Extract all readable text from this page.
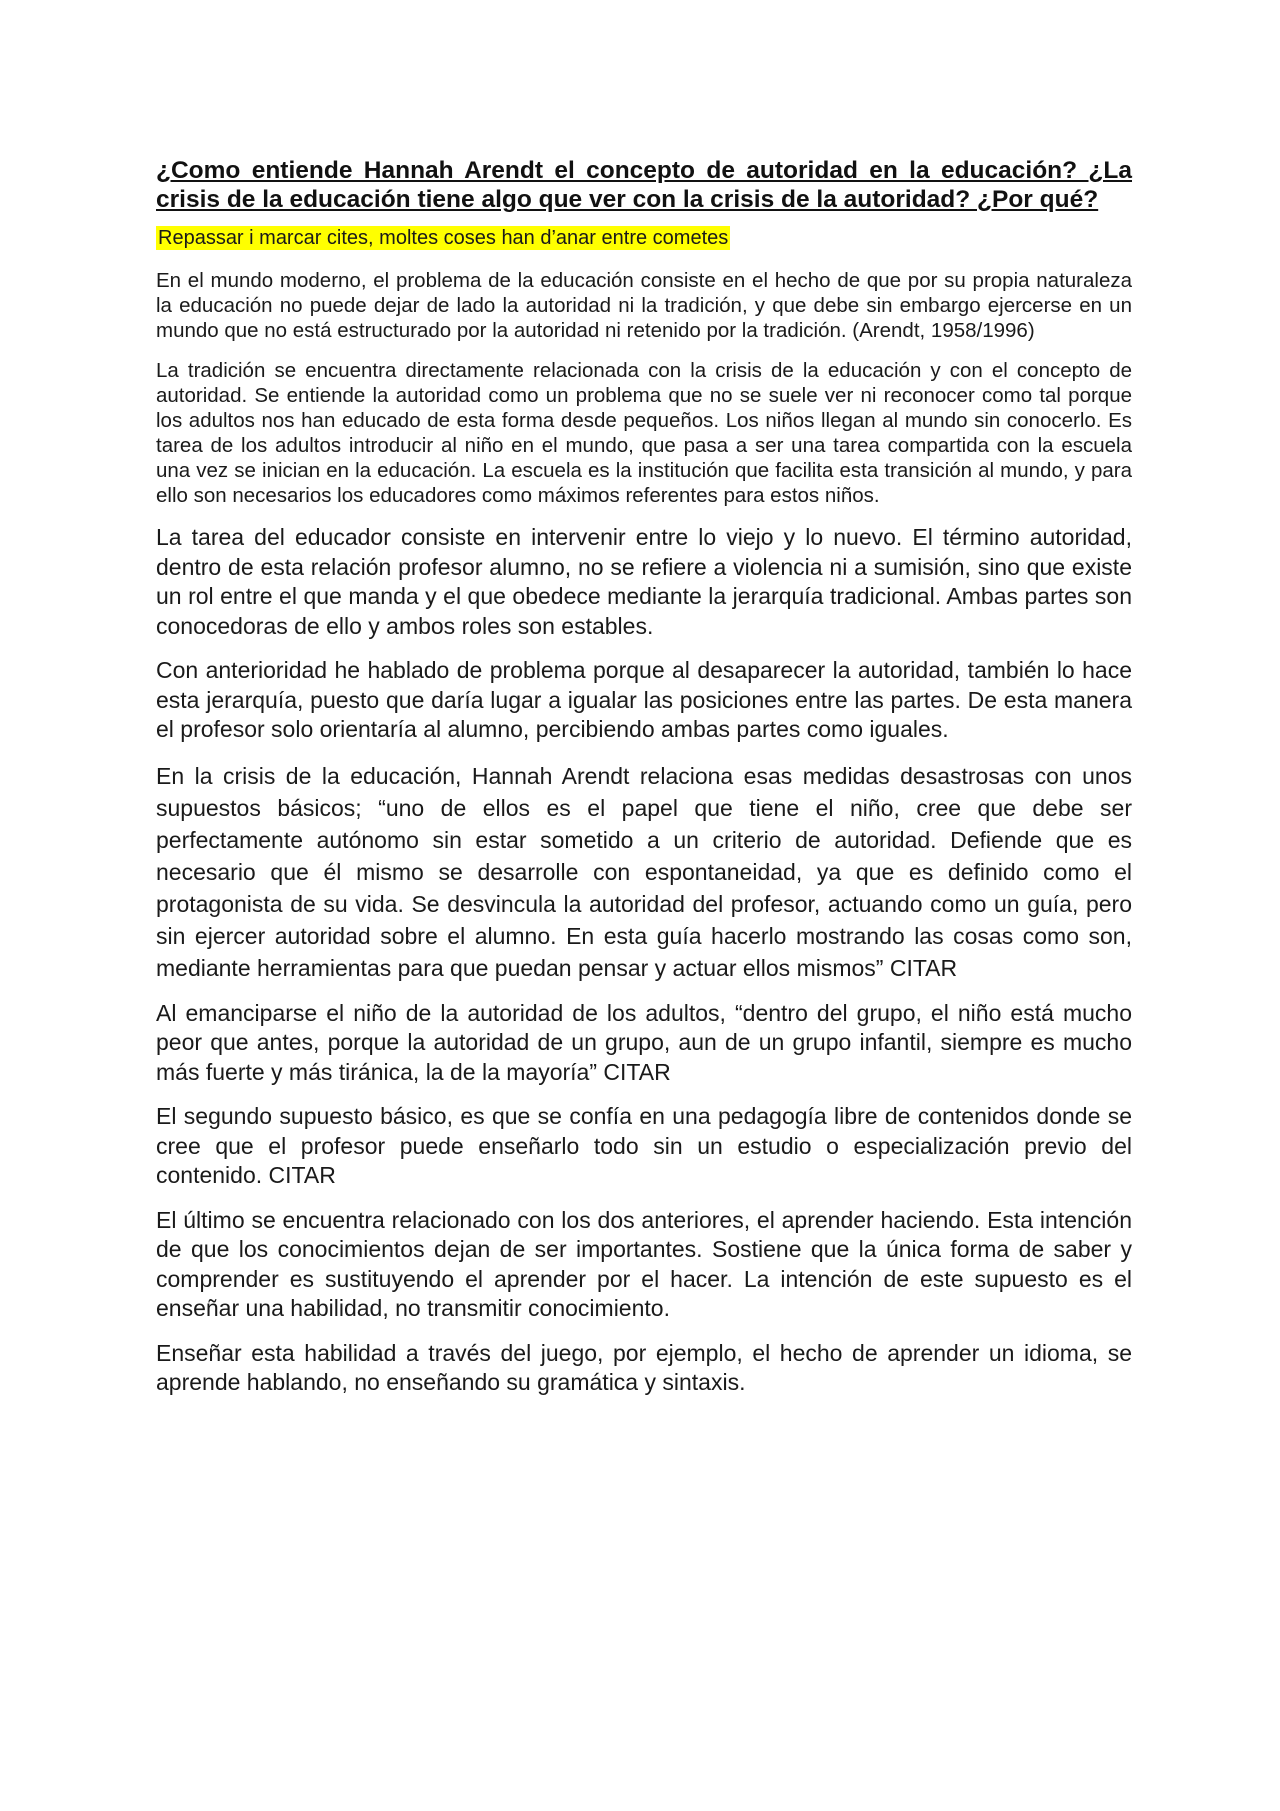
¿Como entiende Hannah Arendt el concepto de autoridad en la educación? ¿La crisis de la educación tiene algo que ver con la crisis de la autoridad? ¿Por qué?
Repassar i marcar cites, moltes coses han d’anar entre cometes
En el mundo moderno, el problema de la educación consiste en el hecho de que por su propia naturaleza la educación no puede dejar de lado la autoridad ni la tradición, y que debe sin embargo ejercerse en un mundo que no está estructurado por la autoridad ni retenido por la tradición. (Arendt, 1958/1996)
La tradición se encuentra directamente relacionada con la crisis de la educación y con el concepto de autoridad. Se entiende la autoridad como un problema que no se suele ver ni reconocer como tal porque los adultos nos han educado de esta forma desde pequeños. Los niños llegan al mundo sin conocerlo. Es tarea de los adultos introducir al niño en el mundo, que pasa a ser una tarea compartida con la escuela una vez se inician en la educación. La escuela es la institución que facilita esta transición al mundo, y para ello son necesarios los educadores como máximos referentes para estos niños.
La tarea del educador consiste en intervenir entre lo viejo y lo nuevo. El término autoridad, dentro de esta relación profesor alumno, no se refiere a violencia ni a sumisión, sino que existe un rol entre el que manda y el que obedece mediante la jerarquía tradicional. Ambas partes son conocedoras de ello y ambos roles son estables.
Con anterioridad he hablado de problema porque al desaparecer la autoridad, también lo hace esta jerarquía, puesto que daría lugar a igualar las posiciones entre las partes. De esta manera el profesor solo orientaría al alumno, percibiendo ambas partes como iguales.
En la crisis de la educación, Hannah Arendt relaciona esas medidas desastrosas con unos supuestos básicos; “uno de ellos es el papel que tiene el niño, cree que debe ser perfectamente autónomo sin estar sometido a un criterio de autoridad. Defiende que es necesario que él mismo se desarrolle con espontaneidad, ya que es definido como el protagonista de su vida. Se desvincula la autoridad del profesor, actuando como un guía, pero sin ejercer autoridad sobre el alumno. En esta guía hacerlo mostrando las cosas como son, mediante herramientas para que puedan pensar y actuar ellos mismos” CITAR
Al emanciparse el niño de la autoridad de los adultos, “dentro del grupo, el niño está mucho peor que antes, porque la autoridad de un grupo, aun de un grupo infantil, siempre es mucho más fuerte y más tiránica, la de la mayoría” CITAR
El segundo supuesto básico, es que se confía en una pedagogía libre de contenidos donde se cree que el profesor puede enseñarlo todo sin un estudio o especialización previo del contenido. CITAR
El último se encuentra relacionado con los dos anteriores, el aprender haciendo. Esta intención de que los conocimientos dejan de ser importantes. Sostiene que la única forma de saber y comprender es sustituyendo el aprender por el hacer. La intención de este supuesto es el enseñar una habilidad, no transmitir conocimiento.
Enseñar esta habilidad a través del juego, por ejemplo, el hecho de aprender un idioma, se aprende hablando, no enseñando su gramática y sintaxis.
